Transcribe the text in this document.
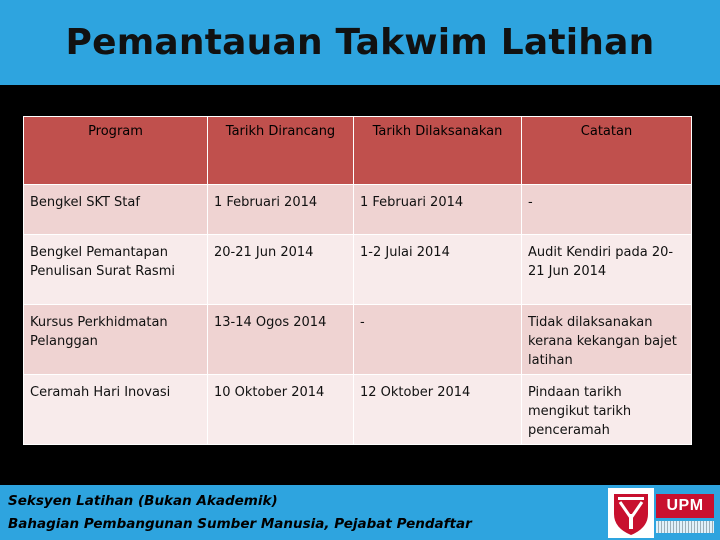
Pemantauan Takwim Latihan
Program	Tarikh Dirancang	Tarikh Dilaksanakan	Catatan
Bengkel SKT Staf	1 Februari 2014	1 Februari 2014	-
Bengkel Pemantapan Penulisan Surat Rasmi	20-21 Jun 2014	1-2 Julai 2014	Audit Kendiri pada 20-21 Jun 2014
Kursus Perkhidmatan Pelanggan	13-14 Ogos 2014	-	Tidak dilaksanakan kerana kekangan bajet latihan
Ceramah Hari Inovasi	10 Oktober 2014	12 Oktober 2014	Pindaan tarikh mengikut tarikh penceramah
Seksyen Latihan (Bukan Akademik)
Bahagian Pembangunan Sumber Manusia, Pejabat Pendaftar
UPM
